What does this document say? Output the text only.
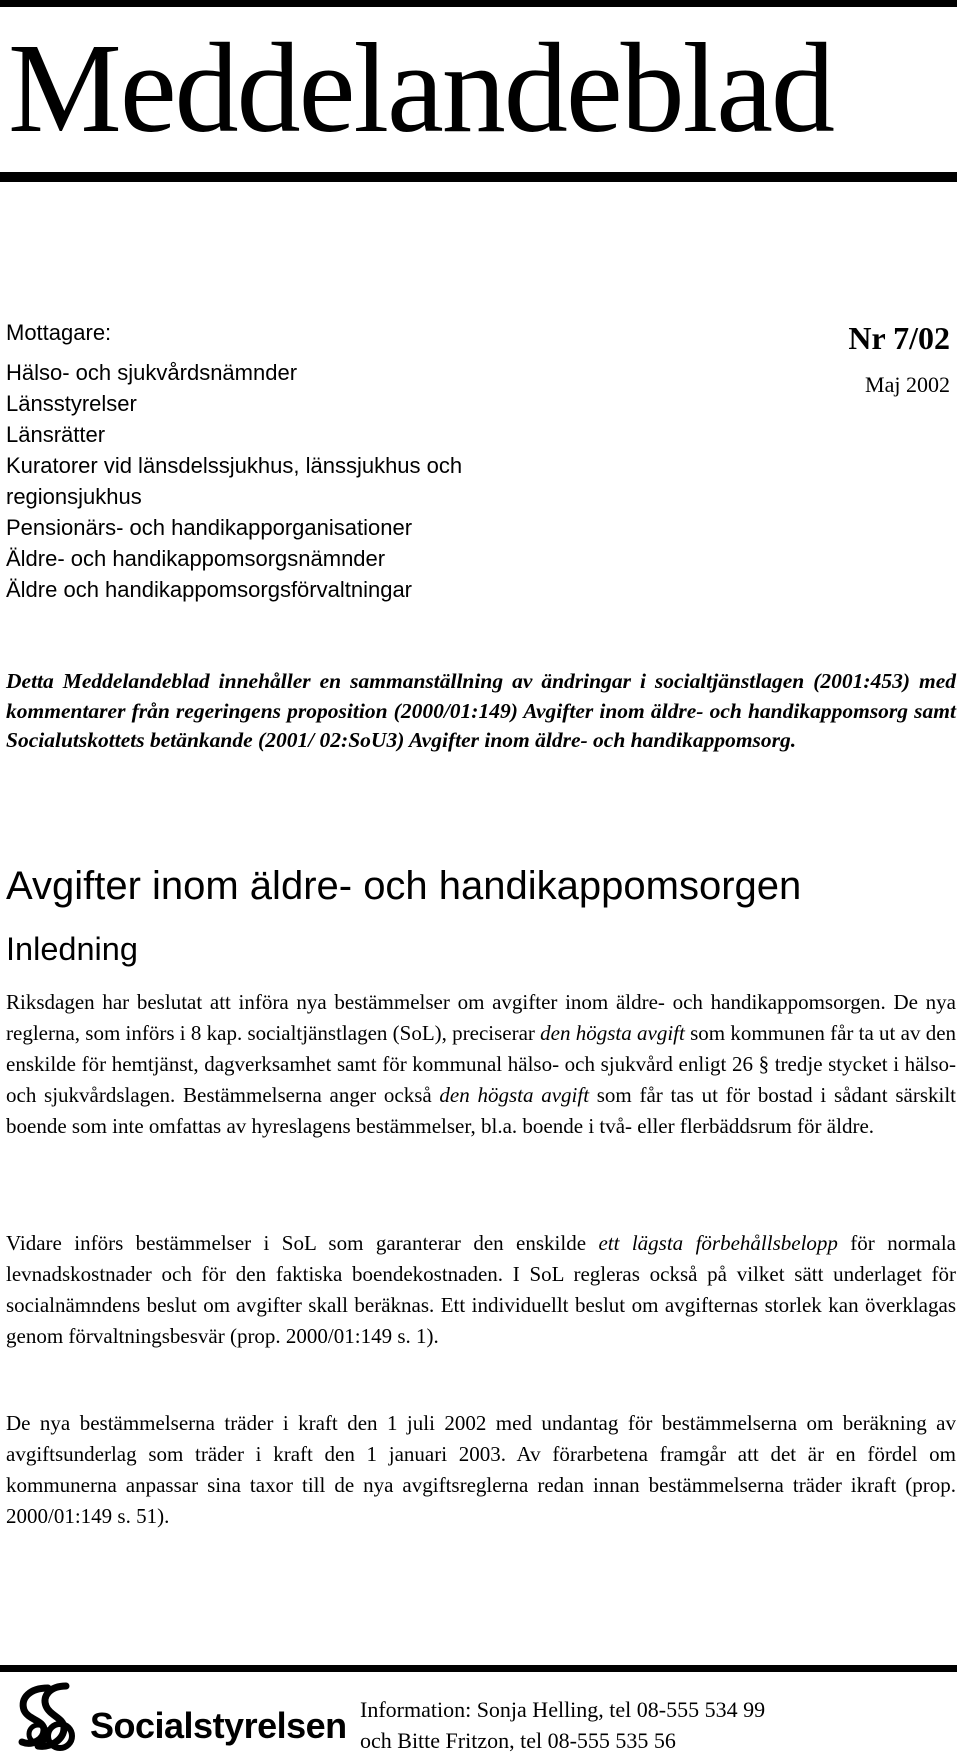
Meddelandeblad
Mottagare:
Hälso- och sjukvårdsnämnder
Länsstyrelser
Länsrätter
Kuratorer vid länsdelssjukhus, länssjukhus och
regionsjukhus
Pensionärs- och handikapporganisationer
Äldre- och handikappomsorgsnämnder
Äldre och handikappomsorgsförvaltningar
Nr 7/02
Maj 2002

Detta Meddelandeblad innehåller en sammanställning av ändringar i socialtjänstlagen (2001:453) med kommentarer från regeringens proposition (2000/01:149) Avgifter inom äldre- och handikappomsorg samt Socialutskottets betänkande (2001/ 02:SoU3) Avgifter inom äldre- och handikappomsorg.

Avgifter inom äldre- och handikappomsorgen
Inledning

Riksdagen har beslutat att införa nya bestämmelser om avgifter inom äldre- och handikappomsorgen. De nya reglerna, som införs i 8 kap. socialtjänstlagen (SoL), preciserar den högsta avgift som kommunen får ta ut av den enskilde för hemtjänst, dagverksamhet samt för kommunal hälso- och sjukvård enligt 26 § tredje stycket i hälso- och sjukvårdslagen. Bestämmelserna anger också den högsta avgift som får tas ut för bostad i sådant särskilt boende som inte omfattas av hyreslagens bestämmelser, bl.a. boende i två- eller flerbäddsrum för äldre.

Vidare införs bestämmelser i SoL som garanterar den enskilde ett lägsta förbehållsbelopp för normala levnadskostnader och för den faktiska boendekostnaden. I SoL regleras också på vilket sätt underlaget för socialnämndens beslut om avgifter skall beräknas. Ett individuellt beslut om avgifternas storlek kan överklagas genom förvaltningsbesvär (prop. 2000/01:149 s. 1).

De nya bestämmelserna träder i kraft den 1 juli 2002 med undantag för bestämmelserna om beräkning av avgiftsunderlag som träder i kraft den 1 januari 2003. Av förarbetena framgår att det är en fördel om kommunerna anpassar sina taxor till de nya avgiftsreglerna redan innan bestämmelserna träder ikraft (prop. 2000/01:149 s. 51).

Socialstyrelsen Information: Sonja Helling, tel 08-555 534 99
och Bitte Fritzon, tel 08-555 535 56
